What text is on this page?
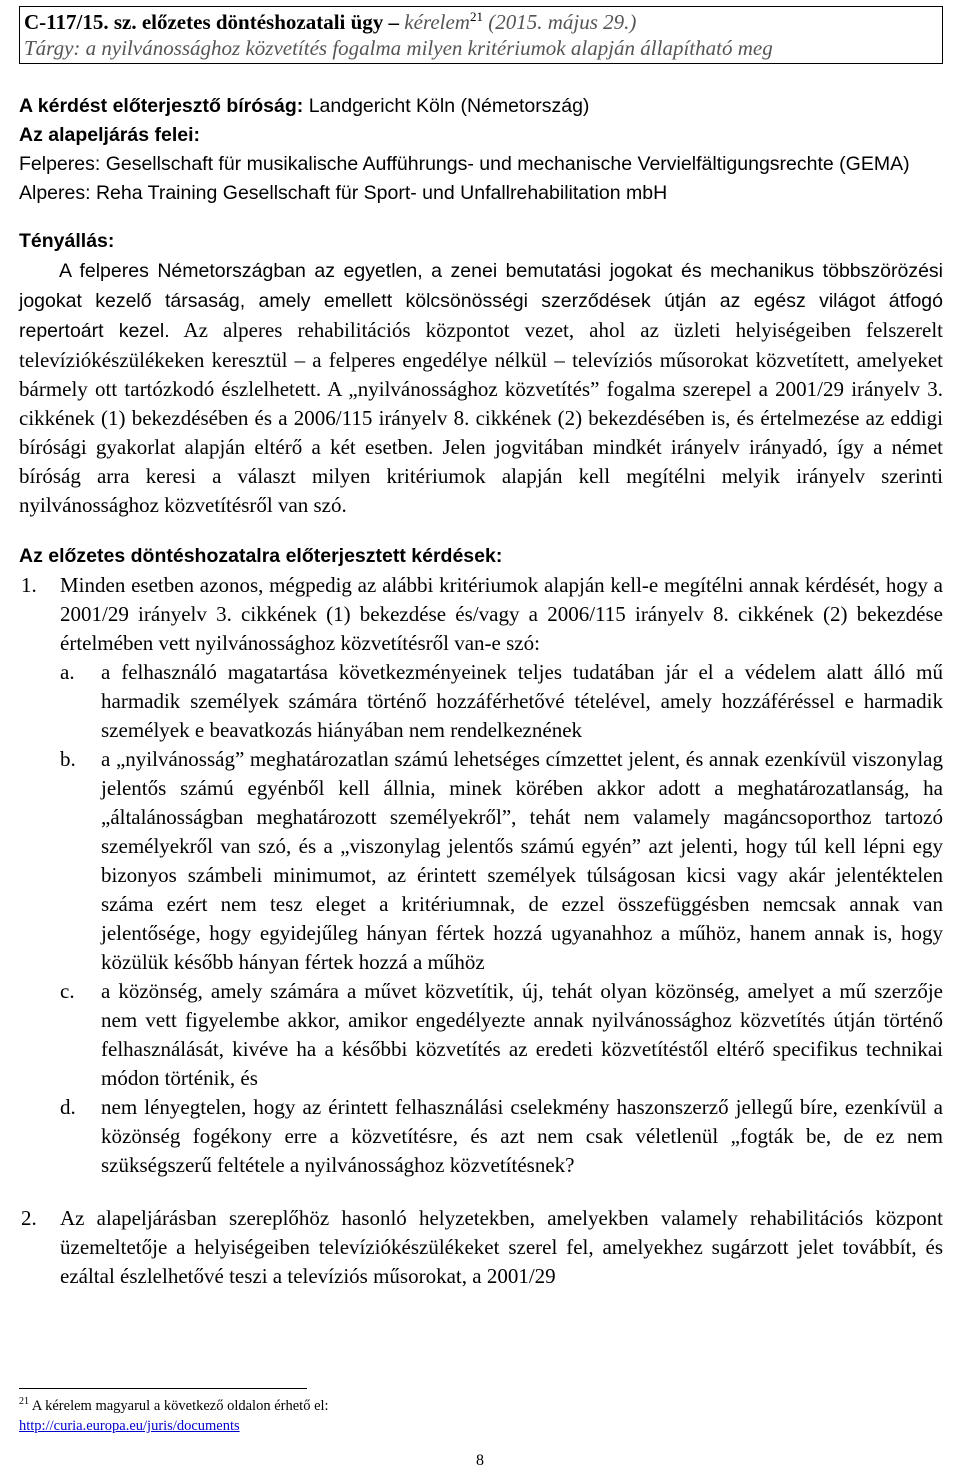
C-117/15. sz. előzetes döntéshozatali ügy – kérelem$^{21}$ (2015. május 29.)
Tárgy: a nyilvánossághoz közvetítés fogalma milyen kritériumok alapján állapítható meg
A kérdést előterjesztő bíróság: Landgericht Köln (Németország)
Az alapeljárás felei:
Felperes: Gesellschaft für musikalische Aufführungs- und mechanische Vervielfältigungsrechte (GEMA)
Alperes: Reha Training Gesellschaft für Sport- und Unfallrehabilitation mbH
Tényállás:
A felperes Németországban az egyetlen, a zenei bemutatási jogokat és mechanikus többszörözési jogokat kezelő társaság, amely emellett kölcsönösségi szerződések útján az egész világot átfogó repertoárt kezel. Az alperes rehabilitációs központot vezet, ahol az üzleti helyiségeiben felszerelt televíziókészülékeken keresztül – a felperes engedélye nélkül – televíziós műsorokat közvetített, amelyeket bármely ott tartózkodó észlelhetett. A „nyilvánossághoz közvetítés” fogalma szerepel a 2001/29 irányelv 3. cikkének (1) bekezdésében és a 2006/115 irányelv 8. cikkének (2) bekezdésében is, és értelmezése az eddigi bírósági gyakorlat alapján eltérő a két esetben. Jelen jogvitában mindkét irányelv irányadó, így a német bíróság arra keresi a választ milyen kritériumok alapján kell megítélni melyik irányelv szerinti nyilvánossághoz közvetítésről van szó.
Az előzetes döntéshozatalra előterjesztett kérdések:
1. Minden esetben azonos, mégpedig az alábbi kritériumok alapján kell-e megítélni annak kérdését, hogy a 2001/29 irányelv 3. cikkének (1) bekezdése és/vagy a 2006/115 irányelv 8. cikkének (2) bekezdése értelmében vett nyilvánossághoz közvetítésről van-e szó:
a. a felhasználó magatartása következményeinek teljes tudatában jár el a védelem alatt álló mű harmadik személyek számára történő hozzáférhetővé tételével, amely hozzáféréssel e harmadik személyek e beavatkozás hiányában nem rendelkeznének
b. a „nyilvánosság” meghatározatlan számú lehetséges címzettet jelent, és annak ezenkívül viszonylag jelentős számú egyénből kell állnia, minek körében akkor adott a meghatározatlanság, ha „általánosságban meghatározott személyekről”, tehát nem valamely magáncsoporthoz tartozó személyekről van szó, és a „viszonylag jelentős számú egyén” azt jelenti, hogy túl kell lépni egy bizonyos számbeli minimumot, az érintett személyek túlságosan kicsi vagy akár jelentéktelen száma ezért nem tesz eleget a kritériumnak, de ezzel összefüggésben nemcsak annak van jelentősége, hogy egyidejűleg hányan fértek hozzá ugyanahhoz a műhöz, hanem annak is, hogy közülük később hányan fértek hozzá a műhöz
c. a közönség, amely számára a művet közvetítik, új, tehát olyan közönség, amelyet a mű szerzője nem vett figyelembe akkor, amikor engedélyezte annak nyilvánossághoz közvetítés útján történő felhasználását, kivéve ha a későbbi közvetítés az eredeti közvetítéstől eltérő specifikus technikai módon történik, és
d. nem lényegtelen, hogy az érintett felhasználási cselekmény haszonszerző jellegű bíre, ezenkívül a közönség fogékony erre a közvetítésre, és azt nem csak véletlenül „fogták be, de ez nem szükségszerű feltétele a nyilvánossághoz közvetítésnek?
2. Az alapeljárásban szereplőhöz hasonló helyzetekben, amelyekben valamely rehabilitációs központ üzemeltetője a helyiségeiben televíziókészülékeket szerel fel, amelyekhez sugárzott jelet továbbít, és ezáltal észlelhetővé teszi a televíziós műsorokat, a 2001/29
$^{21}$ A kérelem magyarul a következő oldalon érhető el:
http://curia.europa.eu/juris/documents
8
